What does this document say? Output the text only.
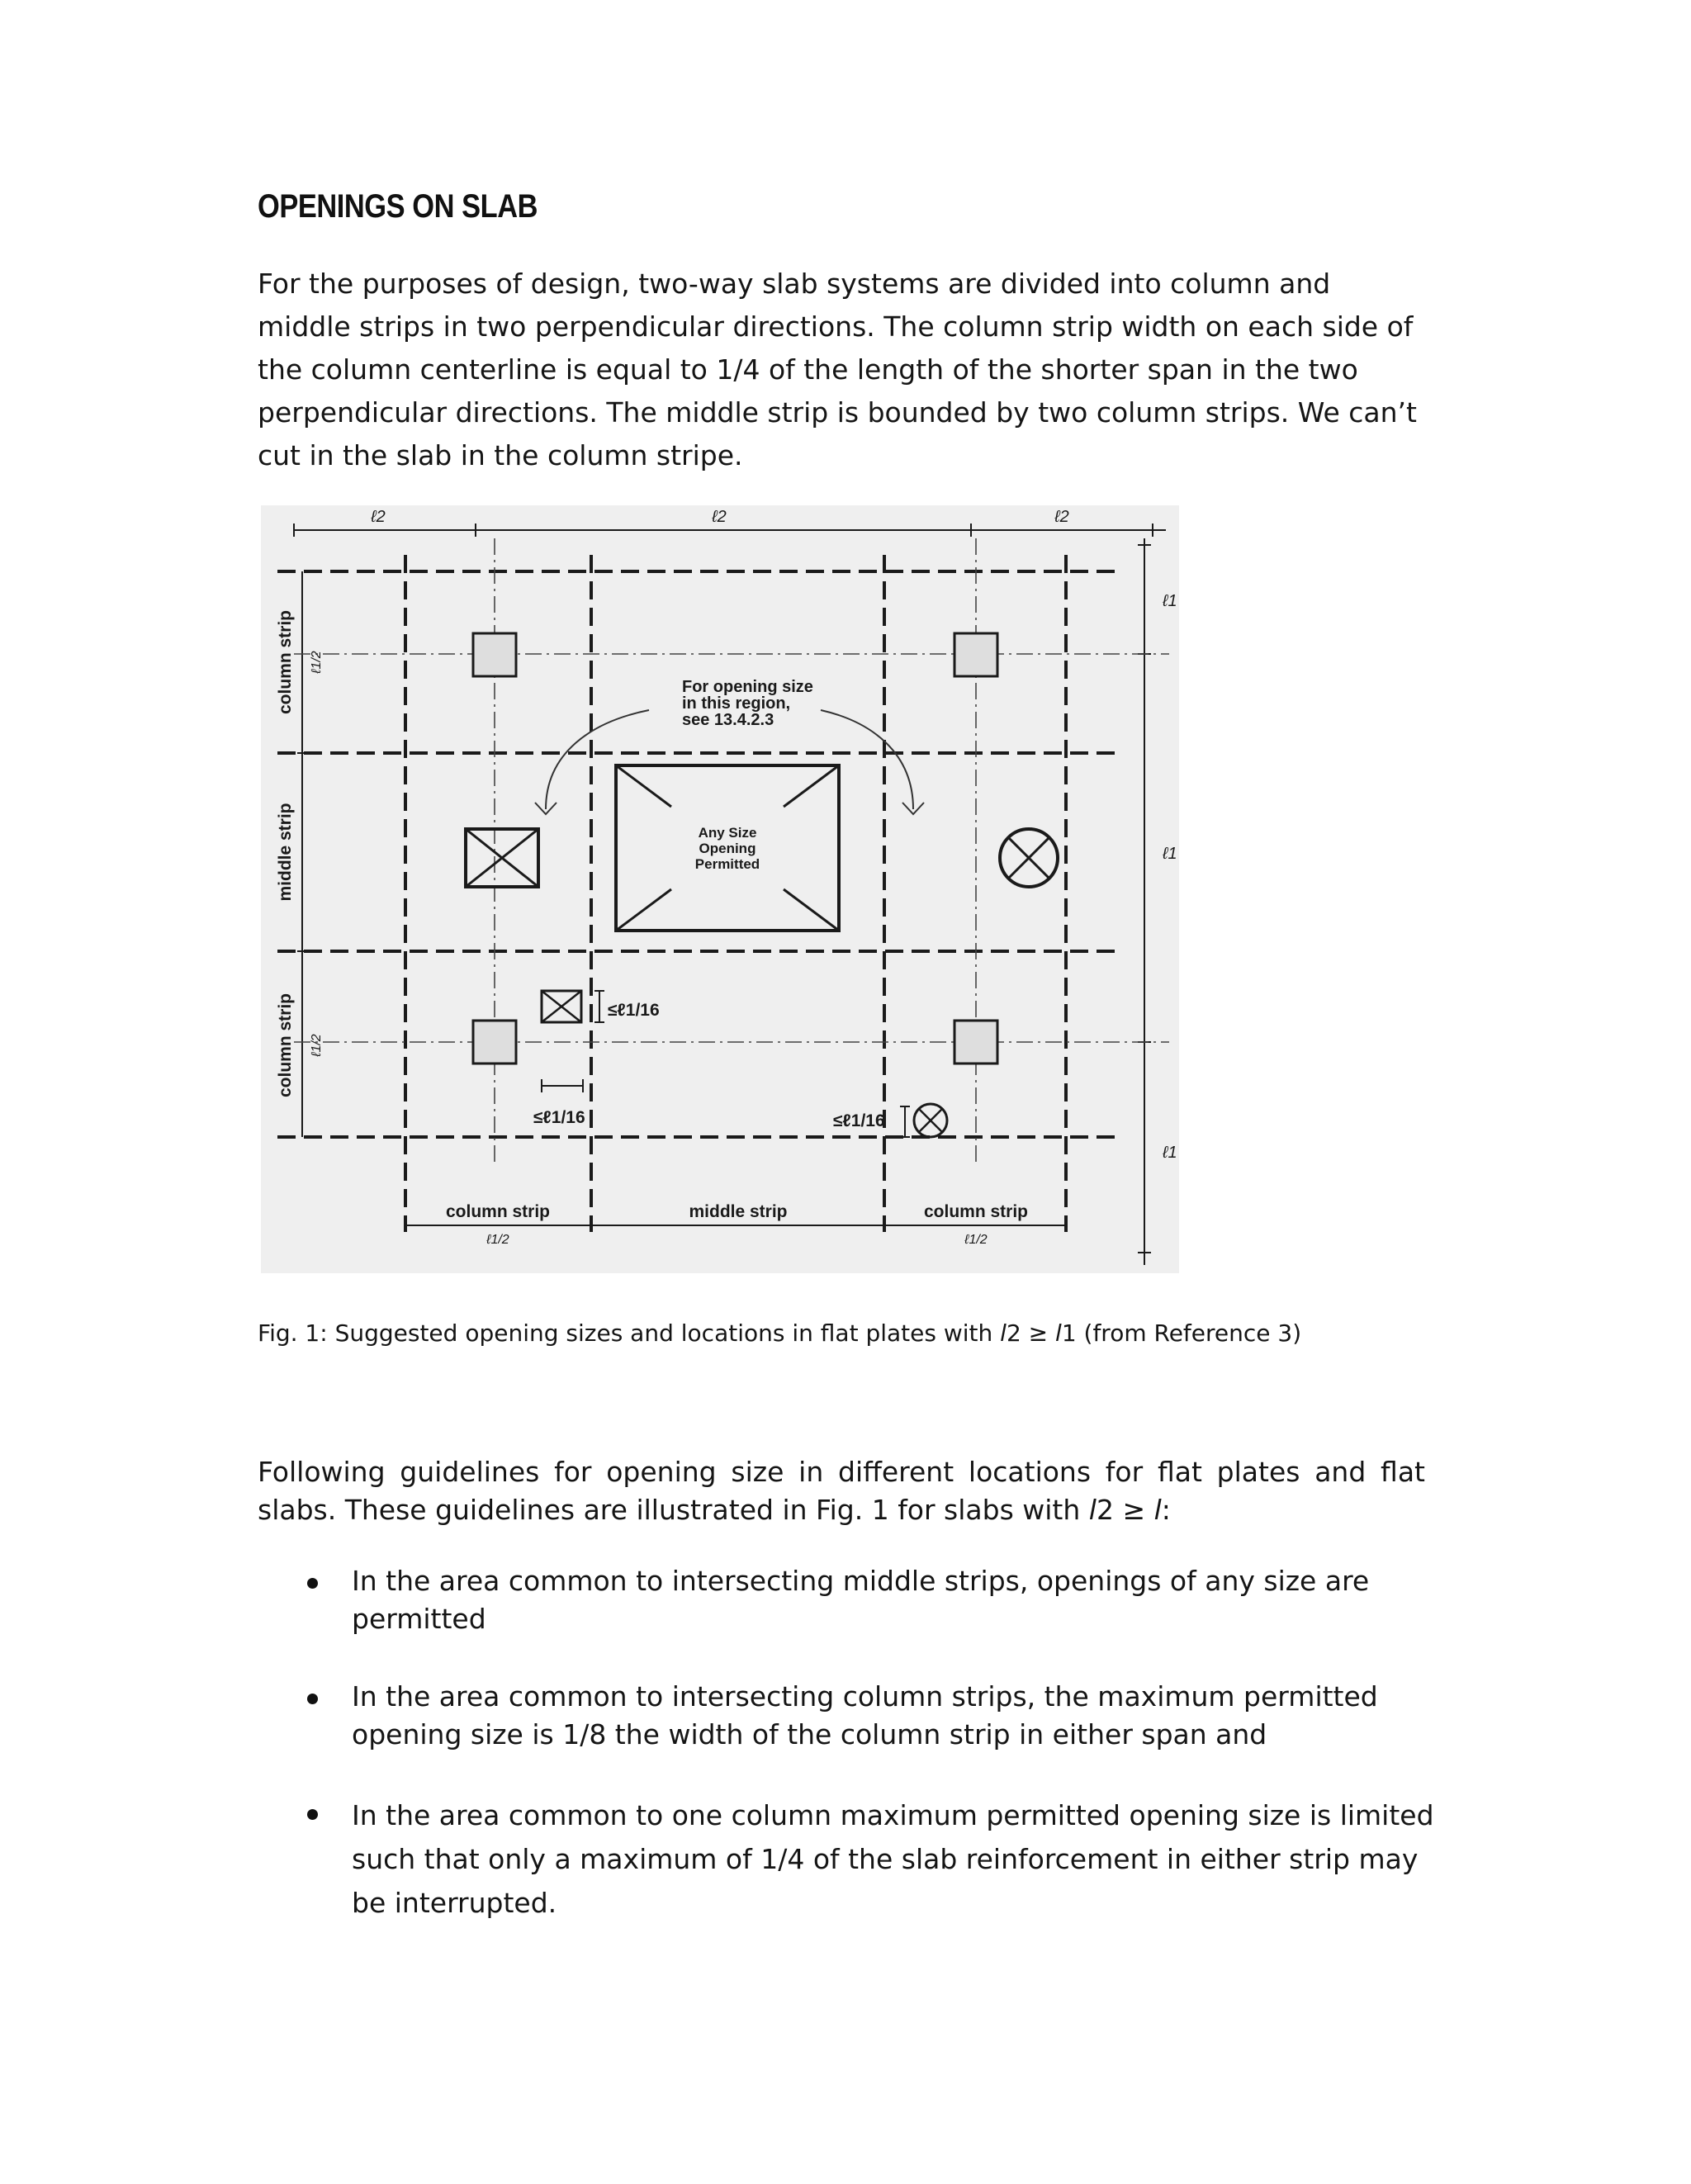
OPENINGS ON SLAB

For the purposes of design, two-way slab systems are divided into column and middle strips in two perpendicular directions. The column strip width on each side of the column centerline is equal to 1/4 of the length of the shorter span in the two perpendicular directions. The middle strip is bounded by two column strips. We can’t cut in the slab in the column stripe.

Any Size
Opening
Permitted
For opening size
in this region,
see 13.4.2.3
≤ℓ1/16
≤ℓ1/16	≤ℓ1/16
ℓ2	ℓ2	ℓ2
ℓ1
ℓ1
ℓ1
column strip ℓ1/2
middle strip
column strip ℓ1/2
column strip
ℓ1/2
middle strip	column strip
ℓ1/2

Fig. 1: Suggested opening sizes and locations in flat plates with l2 ≥ l1 (from Reference 3)

Following guidelines for opening size in different locations for flat plates and flat slabs. These guidelines are illustrated in Fig. 1 for slabs with l2 ≥ l:

In the area common to intersecting middle strips, openings of any size are permitted
In the area common to intersecting column strips, the maximum permitted opening size is 1/8 the width of the column strip in either span and
In the area common to one column maximum permitted opening size is limited such that only a maximum of 1/4 of the slab reinforcement in either strip may be interrupted.
